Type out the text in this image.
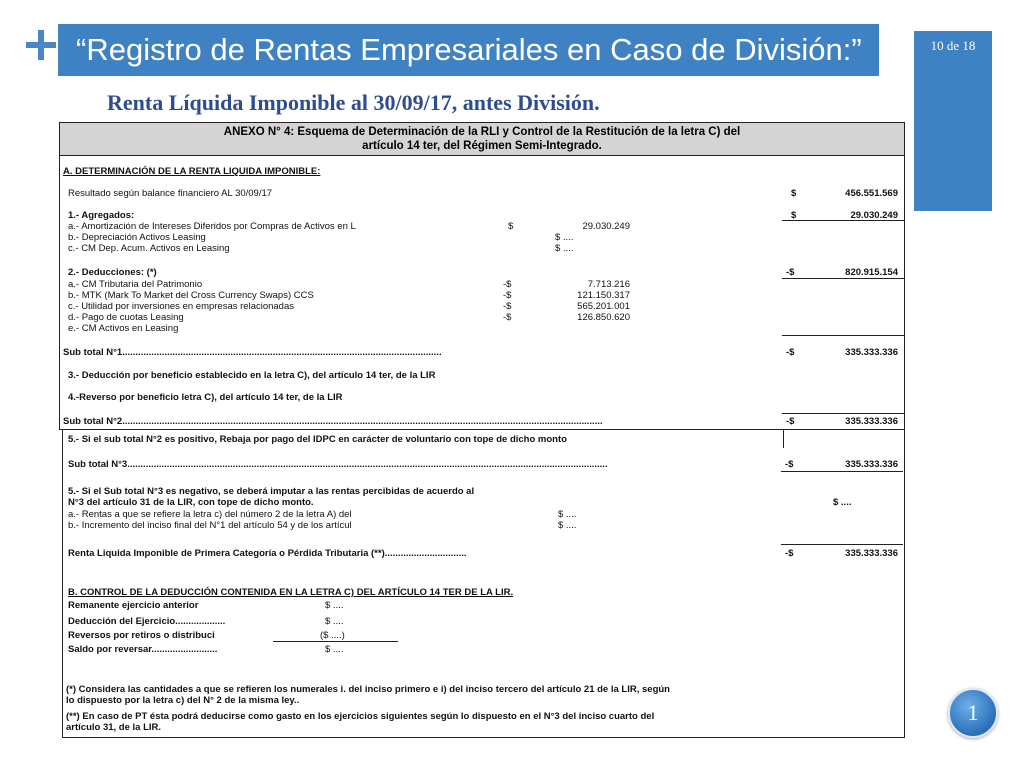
“Registro de Rentas Empresariales en Caso de División:”	10 de 18
Renta Líquida Imponible al 30/09/17, antes División.
ANEXO N° 4: Esquema de Determinación de la RLI y Control de la Restitución de la letra C) del
artículo 14 ter, del Régimen Semi-Integrado.
A. DETERMINACIÓN DE LA RENTA LIQUIDA IMPONIBLE:
Resultado según balance financiero AL 30/09/17	$	456.551.569
1.- Agregados:	$	29.030.249
a.- Amortización de Intereses Diferidos por Compras de Activos en L	$	29.030.249
b.- Depreciación Activos Leasing	$ ....
c.- CM Dep. Acum. Activos en Leasing	$ ....
2.- Deducciones: (*)	-$	820.915.154
a.- CM Tributaria del Patrimonio	-$	7.713.216
b.- MTK (Mark To Market del Cross Currency Swaps) CCS	-$	121.150.317
c.- Utilidad por inversiones en empresas relacionadas	-$	565.201.001
d.- Pago de cuotas Leasing	-$	126.850.620
e.- CM Activos en Leasing
Sub total N°1.........................................................................................................................	-$	335.333.336
3.- Deducción por beneficio establecido en la letra C), del artículo 14 ter, de la LIR
4.-Reverso por beneficio letra C), del artículo 14 ter, de la LIR
Sub total N°2......................................................................................................................................................................................	-$	335.333.336
5.- Si el sub total N°2 es positivo, Rebaja por pago del IDPC en carácter de voluntario con tope de dicho monto
Sub total N°3......................................................................................................................................................................................	-$	335.333.336
5.- Si el Sub total N°3 es negativo, se deberá imputar a las rentas percibidas de acuerdo al
N°3 del artículo 31 de la LIR, con tope de dicho monto.	$ ....
a.- Rentas a que se refiere la letra c) del número 2 de la letra A) del	$ ....
b.- Incremento del inciso final del N°1 del artículo 54 y de los artícul	$ ....
Renta Liquida Imponible de Primera Categoría o Pérdida Tributaria (**)...............................	-$	335.333.336
B. CONTROL DE LA DEDUCCIÓN CONTENIDA EN LA LETRA C) DEL ARTÍCULO 14 TER DE LA LIR.
Remanente ejercicio anterior	$ ....
Deducción del Ejercicio...................	$ ....
Reversos por retiros o distribuci	($ ....)
Saldo por reversar.........................	$ ....
(*) Considera las cantidades a que se refieren los numerales i. del inciso primero e i) del inciso tercero del artículo 21 de la LIR, según
lo dispuesto por la letra c) del N° 2 de la misma ley..
(**) En caso de PT ésta podrá deducirse como gasto en los ejercicios siguientes según lo dispuesto en el N°3 del inciso cuarto del
artículo 31, de la LIR.
1
